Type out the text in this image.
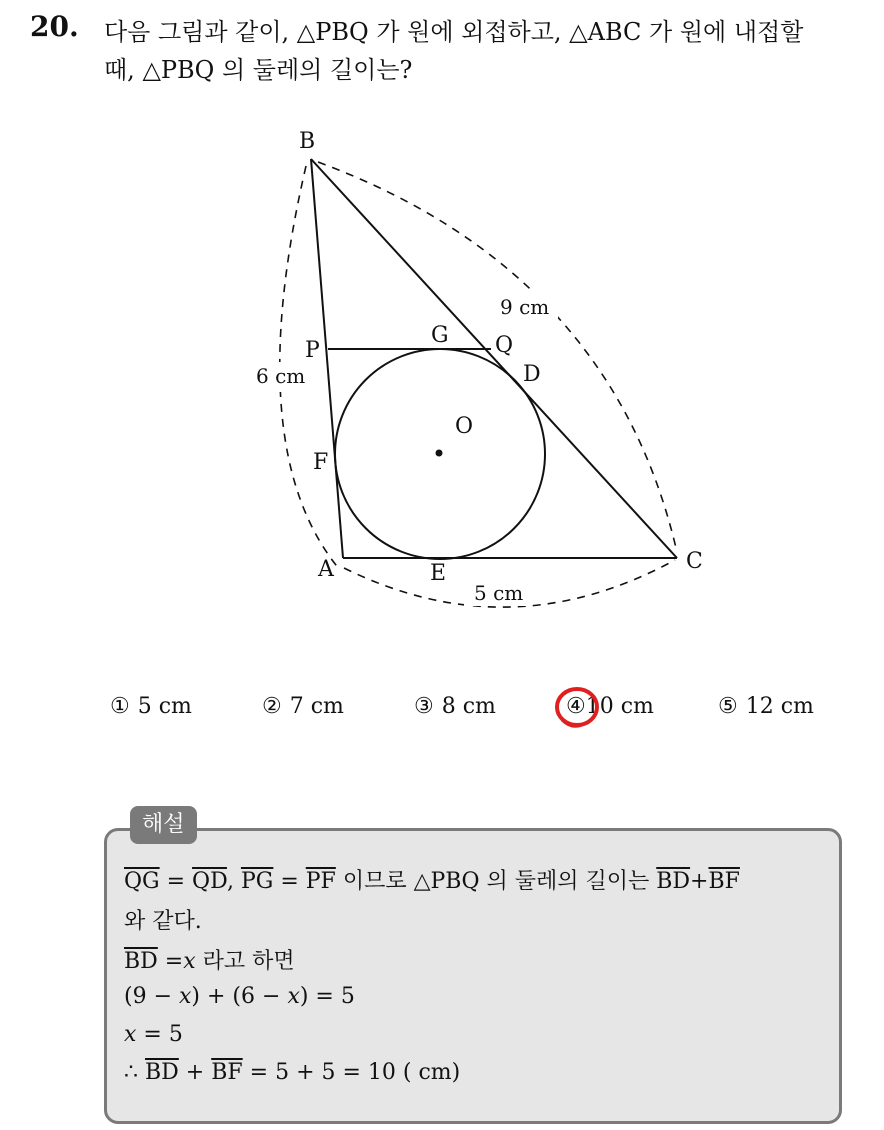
20. 다음 그림과 같이, △PBQ 가 원에 외접하고, △ABC 가 원에 내접할
때, △PBQ 의 둘레의 길이는?
B
P
G Q
D
O
F
A	E	C
9 cm
6 cm
5 cm
① 5 cm	② 7 cm	③ 8 cm	④10 cm	⑤ 12 cm
해설
$\overline{QG} = \overline{QD}$, $\overline{PG} = \overline{PF}$ 이므로 △PBQ 의 둘레의 길이는 $\overline{BD}+\overline{BF}$
와 같다.
$\overline{BD} =x$ 라고 하면
(9 − x) + (6 − x) = 5
x = 5
∴ $\overline{BD} + \overline{BF} = 5 + 5 = 10$ ( cm)
